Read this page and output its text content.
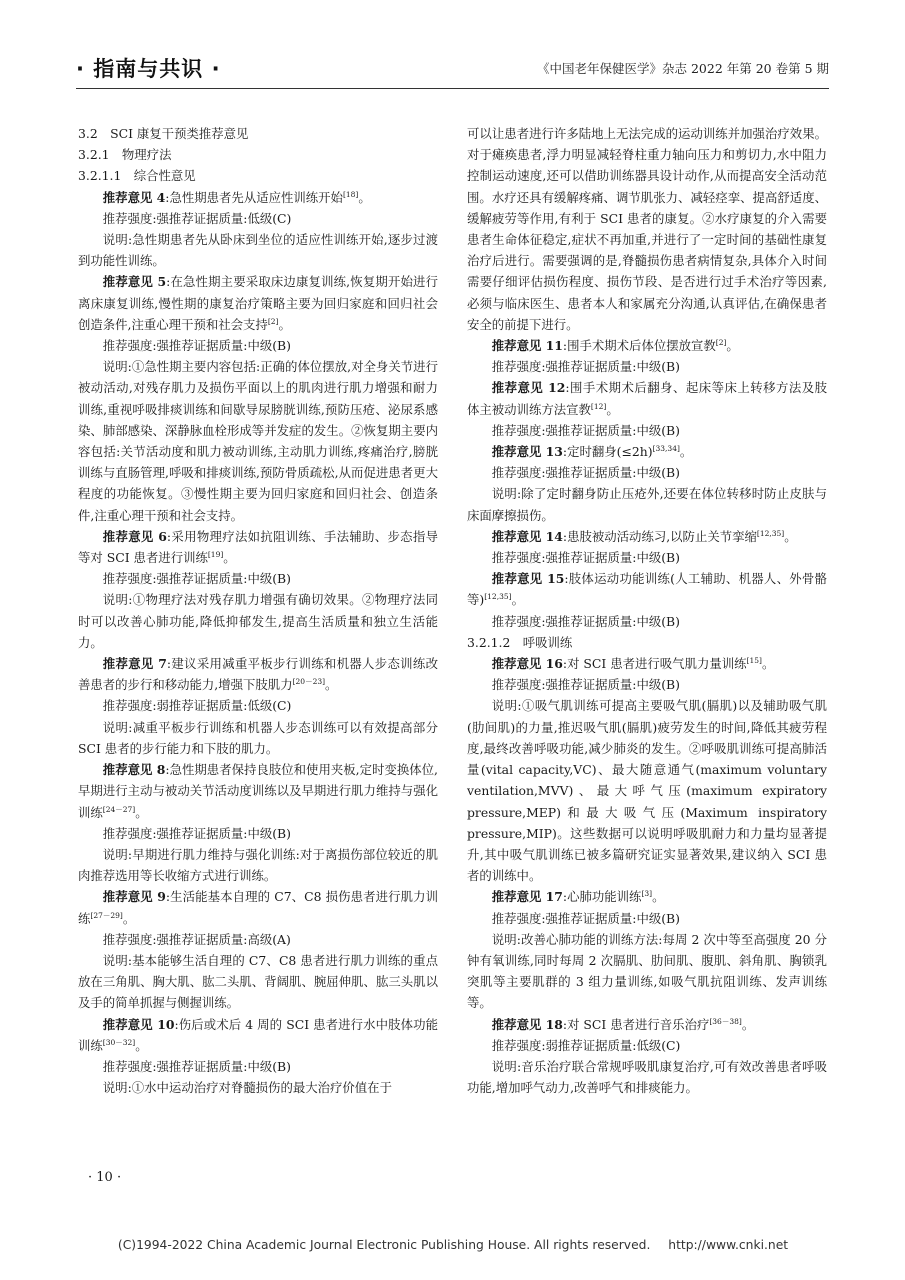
· 指南与共识 ·	《中国老年保健医学》杂志 2022 年第 20 卷第 5 期

3.2　SCI 康复干预类推荐意见

3.2.1　物理疗法

3.2.1.1　综合性意见

推荐意见 4:急性期患者先从适应性训练开始[18]。

推荐强度:强推荐证据质量:低级(C)

说明:急性期患者先从卧床到坐位的适应性训练开始,逐步过渡到功能性训练。

推荐意见 5:在急性期主要采取床边康复训练,恢复期开始进行离床康复训练,慢性期的康复治疗策略主要为回归家庭和回归社会创造条件,注重心理干预和社会支持[2]。

推荐强度:强推荐证据质量:中级(B)

说明:①急性期主要内容包括:正确的体位摆放,对全身关节进行被动活动,对残存肌力及损伤平面以上的肌肉进行肌力增强和耐力训练,重视呼吸排痰训练和间歇导尿膀胱训练,预防压疮、泌尿系感染、肺部感染、深静脉血栓形成等并发症的发生。②恢复期主要内容包括:关节活动度和肌力被动训练,主动肌力训练,疼痛治疗,膀胱训练与直肠管理,呼吸和排痰训练,预防骨质疏松,从而促进患者更大程度的功能恢复。③慢性期主要为回归家庭和回归社会、创造条件,注重心理干预和社会支持。

推荐意见 6:采用物理疗法如抗阻训练、手法辅助、步态指导等对 SCI 患者进行训练[19]。

推荐强度:强推荐证据质量:中级(B)

说明:①物理疗法对残存肌力增强有确切效果。②物理疗法同时可以改善心肺功能,降低抑郁发生,提高生活质量和独立生活能力。

推荐意见 7:建议采用减重平板步行训练和机器人步态训练改善患者的步行和移动能力,增强下肢肌力[20－23]。

推荐强度:弱推荐证据质量:低级(C)

说明:减重平板步行训练和机器人步态训练可以有效提高部分 SCI 患者的步行能力和下肢的肌力。

推荐意见 8:急性期患者保持良肢位和使用夹板,定时变换体位,早期进行主动与被动关节活动度训练以及早期进行肌力维持与强化训练[24－27]。

推荐强度:强推荐证据质量:中级(B)

说明:早期进行肌力维持与强化训练:对于离损伤部位较近的肌肉推荐选用等长收缩方式进行训练。

推荐意见 9:生活能基本自理的 C7、C8 损伤患者进行肌力训练[27－29]。

推荐强度:强推荐证据质量:高级(A)

说明:基本能够生活自理的 C7、C8 患者进行肌力训练的重点放在三角肌、胸大肌、肱二头肌、背阔肌、腕屈伸肌、肱三头肌以及手的简单抓握与侧握训练。

推荐意见 10:伤后或术后 4 周的 SCI 患者进行水中肢体功能训练[30－32]。

推荐强度:强推荐证据质量:中级(B)

说明:①水中运动治疗对脊髓损伤的最大治疗价值在于

可以让患者进行许多陆地上无法完成的运动训练并加强治疗效果。对于瘫痪患者,浮力明显减轻脊柱重力轴向压力和剪切力,水中阻力控制运动速度,还可以借助训练器具设计动作,从而提高安全活动范围。水疗还具有缓解疼痛、调节肌张力、减轻痉挛、提高舒适度、缓解疲劳等作用,有利于 SCI 患者的康复。②水疗康复的介入需要患者生命体征稳定,症状不再加重,并进行了一定时间的基础性康复治疗后进行。需要强调的是,脊髓损伤患者病情复杂,具体介入时间需要仔细评估损伤程度、损伤节段、是否进行过手术治疗等因素,必须与临床医生、患者本人和家属充分沟通,认真评估,在确保患者安全的前提下进行。

推荐意见 11:围手术期术后体位摆放宣教[2]。

推荐强度:强推荐证据质量:中级(B)

推荐意见 12:围手术期术后翻身、起床等床上转移方法及肢体主被动训练方法宣教[12]。

推荐强度:强推荐证据质量:中级(B)

推荐意见 13:定时翻身(≤2h)[33,34]。

推荐强度:强推荐证据质量:中级(B)

说明:除了定时翻身防止压疮外,还要在体位转移时防止皮肤与床面摩擦损伤。

推荐意见 14:患肢被动活动练习,以防止关节挛缩[12,35]。

推荐强度:强推荐证据质量:中级(B)

推荐意见 15:肢体运动功能训练(人工辅助、机器人、外骨骼等)[12,35]。

推荐强度:强推荐证据质量:中级(B)

3.2.1.2　呼吸训练

推荐意见 16:对 SCI 患者进行吸气肌力量训练[15]。

推荐强度:强推荐证据质量:中级(B)

说明:①吸气肌训练可提高主要吸气肌(膈肌)以及辅助吸气肌(肋间肌)的力量,推迟吸气肌(膈肌)疲劳发生的时间,降低其疲劳程度,最终改善呼吸功能,减少肺炎的发生。②呼吸肌训练可提高肺活量(vital capacity,VC)、最大随意通气(maximum voluntary ventilation,MVV)、最大呼气压(maximum expiratory pressure,MEP)和最大吸气压(Maximum inspiratory pressure,MIP)。这些数据可以说明呼吸肌耐力和力量均显著提升,其中吸气肌训练已被多篇研究证实显著效果,建议纳入 SCI 患者的训练中。

推荐意见 17:心肺功能训练[3]。

推荐强度:强推荐证据质量:中级(B)

说明:改善心肺功能的训练方法:每周 2 次中等至高强度 20 分钟有氧训练,同时每周 2 次膈肌、肋间肌、腹肌、斜角肌、胸锁乳突肌等主要肌群的 3 组力量训练,如吸气肌抗阻训练、发声训练等。

推荐意见 18:对 SCI 患者进行音乐治疗[36－38]。

推荐强度:弱推荐证据质量:低级(C)

说明:音乐治疗联合常规呼吸肌康复治疗,可有效改善患者呼吸功能,增加呼气动力,改善呼气和排痰能力。

· 10 ·
(C)1994-2022 China Academic Journal Electronic Publishing House. All rights reserved. http://www.cnki.net
